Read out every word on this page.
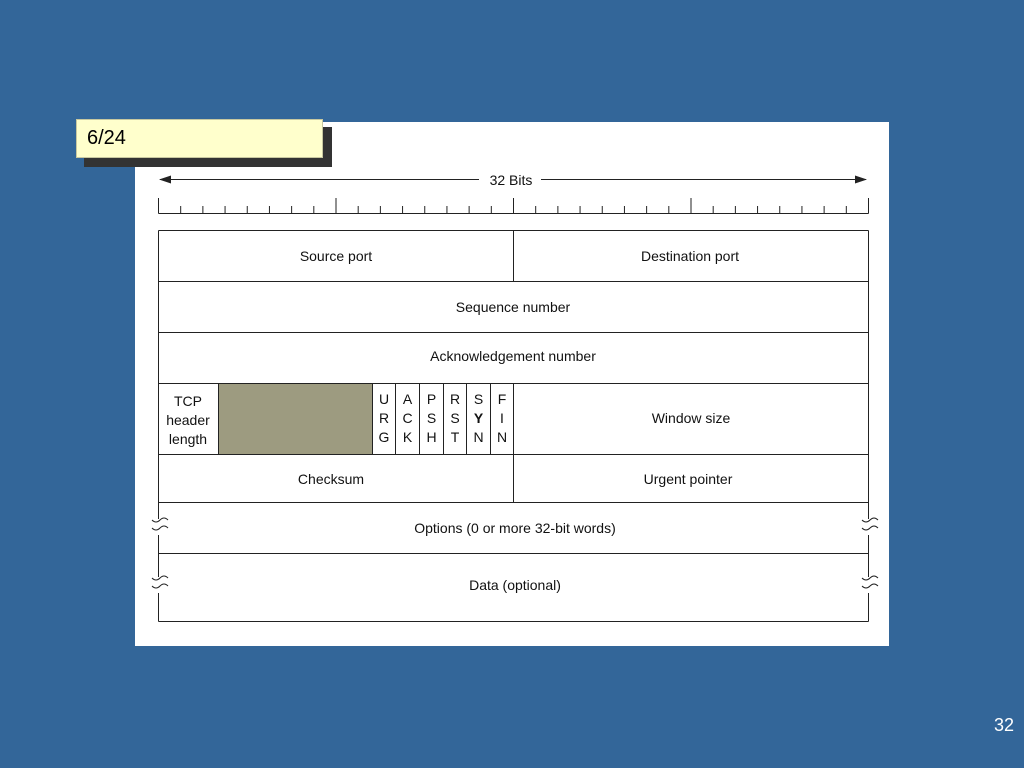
6/24
32
32 Bits
Source port	Destination port
Sequence number
Acknowledgement number
TCP
header
length
Window size
Checksum	Urgent pointer
Options (0 or more 32-bit words)
Data (optional)
U
R
G
A
C
K
P
S
H
R
S
T
S
Y
N
F
I
N
